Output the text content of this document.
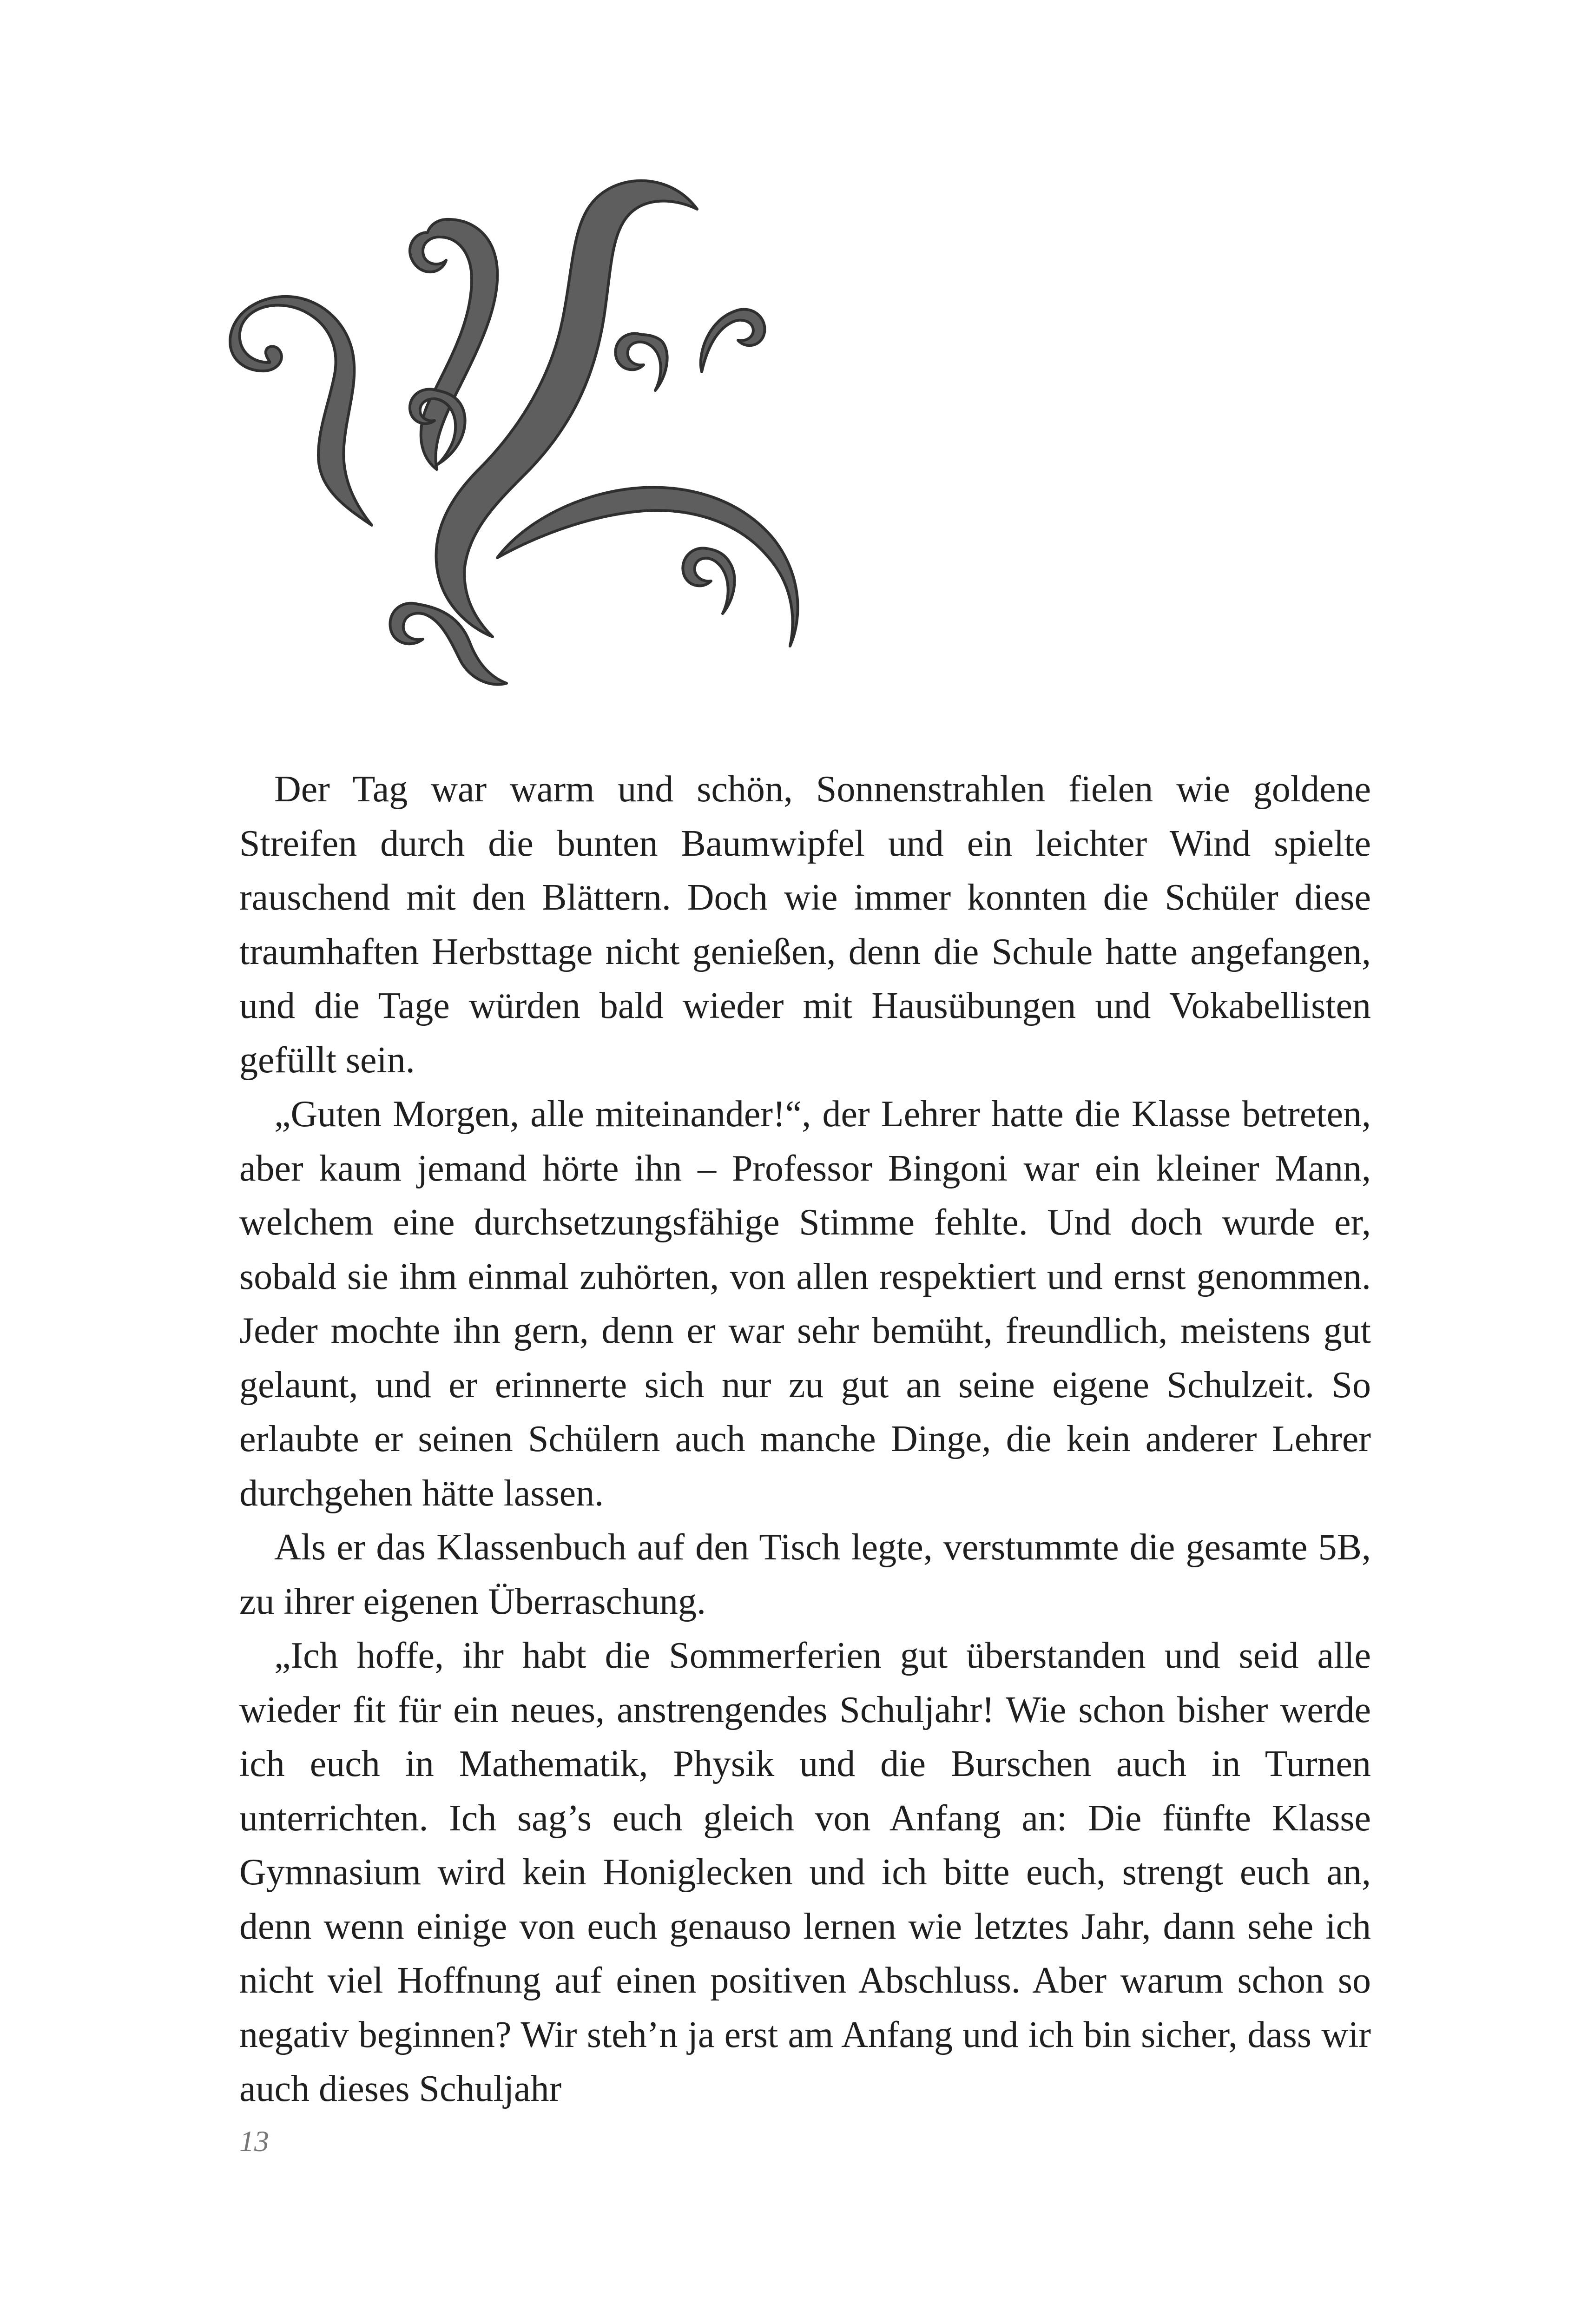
Der Tag war warm und schön, Sonnenstrahlen fielen wie goldene Streifen durch die bunten Baumwipfel und ein leichter Wind spielte rauschend mit den Blättern. Doch wie immer konnten die Schüler diese traumhaften Herbsttage nicht genießen, denn die Schule hatte angefangen, und die Tage würden bald wieder mit Hausübungen und Vokabellisten gefüllt sein.

„Guten Morgen, alle miteinander!“, der Lehrer hatte die Klasse betreten, aber kaum jemand hörte ihn – Professor Bingoni war ein kleiner Mann, welchem eine durchsetzungsfähige Stimme fehlte. Und doch wurde er, sobald sie ihm einmal zuhörten, von allen respektiert und ernst genommen. Jeder mochte ihn gern, denn er war sehr bemüht, freundlich, meistens gut gelaunt, und er erinnerte sich nur zu gut an seine eigene Schulzeit. So erlaubte er seinen Schülern auch manche Dinge, die kein anderer Lehrer durchgehen hätte lassen.

Als er das Klassenbuch auf den Tisch legte, verstummte die gesamte 5B, zu ihrer eigenen Überraschung.

„Ich hoffe, ihr habt die Sommerferien gut überstanden und seid alle wieder fit für ein neues, anstrengendes Schuljahr! Wie schon bisher werde ich euch in Mathematik, Physik und die Burschen auch in Turnen unterrichten. Ich sag’s euch gleich von Anfang an: Die fünfte Klasse Gymnasium wird kein Honiglecken und ich bitte euch, strengt euch an, denn wenn einige von euch genauso lernen wie letztes Jahr, dann sehe ich nicht viel Hoffnung auf einen positiven Abschluss. Aber warum schon so negativ beginnen? Wir steh’n ja erst am Anfang und ich bin sicher, dass wir auch dieses Schuljahr

13
